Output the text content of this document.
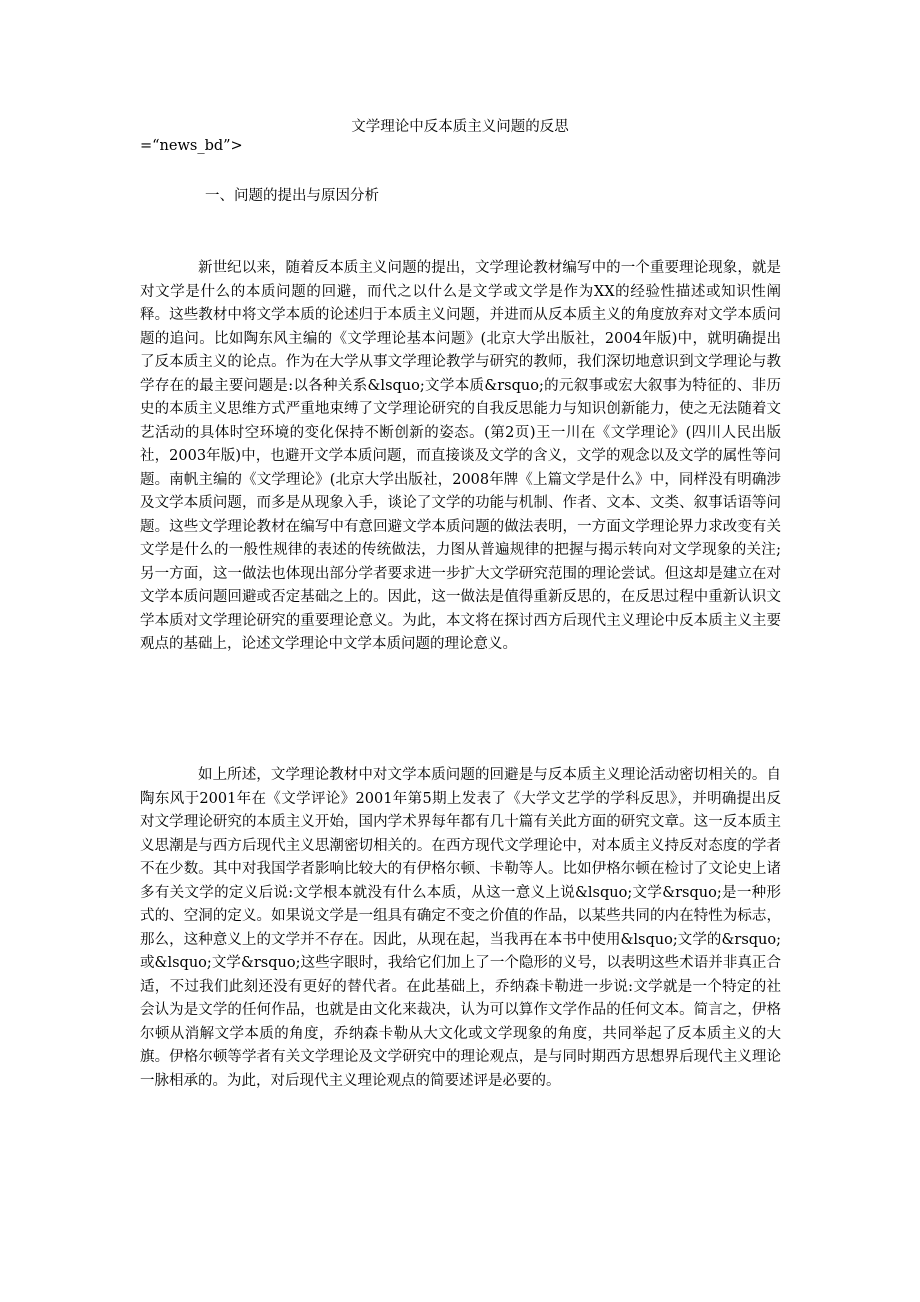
文学理论中反本质主义问题的反思
=“news_bd”>
一、问题的提出与原因分析

新世纪以来，随着反本质主义问题的提出，文学理论教材编写中的一个重要理论现象，就是对文学是什么的本质问题的回避，而代之以什么是文学或文学是作为XX的经验性描述或知识性阐释。这些教材中将文学本质的论述归于本质主义问题，并进而从反本质主义的角度放弃对文学本质问题的追问。比如陶东风主编的《文学理论基本问题》(北京大学出版社，2004年版)中，就明确提出了反本质主义的论点。作为在大学从事文学理论教学与研究的教师，我们深切地意识到文学理论与教学存在的最主要问题是:以各种关系&lsquo;文学本质&rsquo;的元叙事或宏大叙事为特征的、非历史的本质主义思维方式严重地束缚了文学理论研究的自我反思能力与知识创新能力，使之无法随着文艺活动的具体时空环境的变化保持不断创新的姿态。(第2页)王一川在《文学理论》(四川人民出版社，2003年版)中，也避开文学本质问题，而直接谈及文学的含义，文学的观念以及文学的属性等问题。南帆主编的《文学理论》(北京大学出版社，2008年牌《上篇文学是什么》中，同样没有明确涉及文学本质问题，而多是从现象入手，谈论了文学的功能与机制、作者、文本、文类、叙事话语等问题。这些文学理论教材在编写中有意回避文学本质问题的做法表明，一方面文学理论界力求改变有关文学是什么的一般性规律的表述的传统做法，力图从普遍规律的把握与揭示转向对文学现象的关注;另一方面，这一做法也体现出部分学者要求进一步扩大文学研究范围的理论尝试。但这却是建立在对文学本质问题回避或否定基础之上的。因此，这一做法是值得重新反思的，在反思过程中重新认识文学本质对文学理论研究的重要理论意义。为此，本文将在探讨西方后现代主义理论中反本质主义主要观点的基础上，论述文学理论中文学本质问题的理论意义。

如上所述，文学理论教材中对文学本质问题的回避是与反本质主义理论活动密切相关的。自陶东风于2001年在《文学评论》2001年第5期上发表了《大学文艺学的学科反思》，并明确提出反对文学理论研究的本质主义开始，国内学术界每年都有几十篇有关此方面的研究文章。这一反本质主义思潮是与西方后现代主义思潮密切相关的。在西方现代文学理论中，对本质主义持反对态度的学者不在少数。其中对我国学者影响比较大的有伊格尔顿、卡勒等人。比如伊格尔顿在检讨了文论史上诸多有关文学的定义后说:文学根本就没有什么本质，从这一意义上说&lsquo;文学&rsquo;是一种形式的、空洞的定义。如果说文学是一组具有确定不变之价值的作品，以某些共同的内在特性为标志，那么，这种意义上的文学并不存在。因此，从现在起，当我再在本书中使用&lsquo;文学的&rsquo;或&lsquo;文学&rsquo;这些字眼时，我给它们加上了一个隐形的义号，以表明这些术语并非真正合适，不过我们此刻还没有更好的替代者。在此基础上，乔纳森卡勒进一步说:文学就是一个特定的社会认为是文学的任何作品，也就是由文化来裁决，认为可以算作文学作品的任何文本。简言之，伊格尔顿从消解文学本质的角度，乔纳森卡勒从大文化或文学现象的角度，共同举起了反本质主义的大旗。伊格尔顿等学者有关文学理论及文学研究中的理论观点，是与同时期西方思想界后现代主义理论一脉相承的。为此，对后现代主义理论观点的简要述评是必要的。
